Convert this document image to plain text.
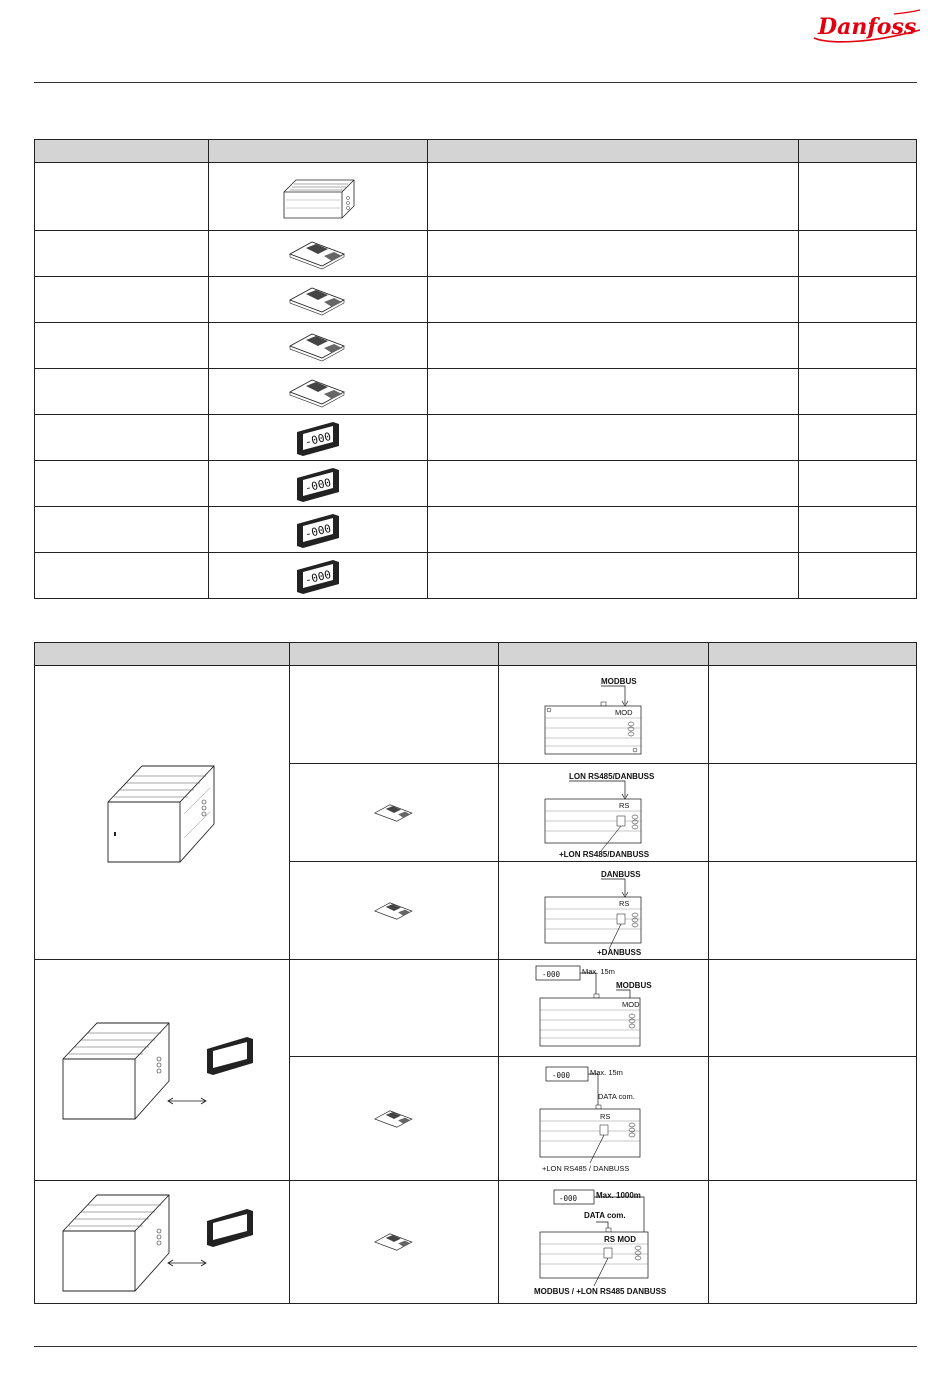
Danfoss

-000		

-000		

-000		

-000		

MODBUS
MOD	

LON RS485/DANBUSS
RS
+LON RS485/DANBUSS	

DANBUSS
RS
+DANBUSS	

-000 Max. 15m
MODBUS
MOD	

-000 Max. 15m
DATA com.
RS
+LON RS485 / DANBUSS	

-000 Max. 1000m
DATA com.
RS MOD
MODBUS / +LON RS485 DANBUSS	
